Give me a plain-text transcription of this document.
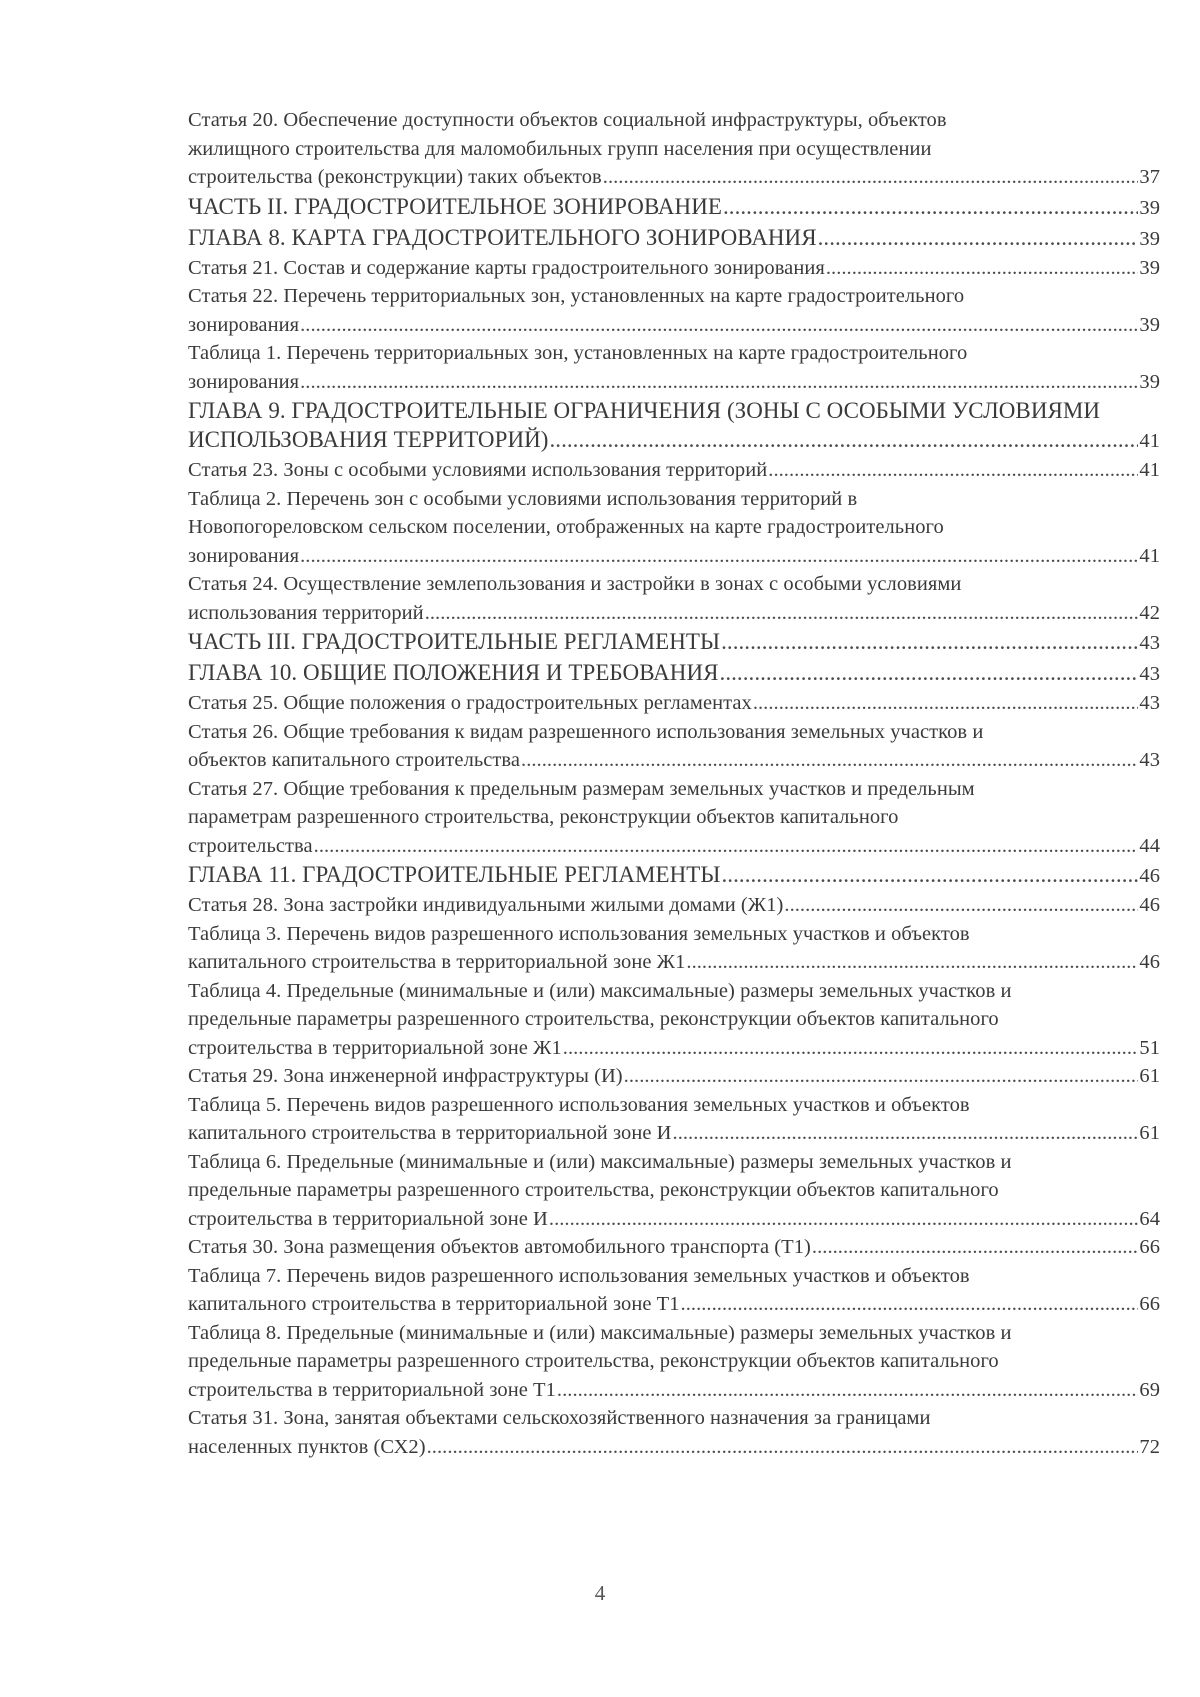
Статья 20. Обеспечение доступности объектов социальной инфраструктуры, объектов
жилищного строительства для маломобильных групп населения при осуществлении
строительства (реконструкции) таких объектов .....	37
ЧАСТЬ II. ГРАДОСТРОИТЕЛЬНОЕ ЗОНИРОВАНИЕ .....	39
ГЛАВА 8. КАРТА ГРАДОСТРОИТЕЛЬНОГО ЗОНИРОВАНИЯ .....	39
Статья 21. Состав и содержание карты градостроительного зонирования .....	39
Статья 22. Перечень территориальных зон, установленных на карте градостроительного
зонирования .....	39
Таблица 1. Перечень территориальных зон, установленных на карте градостроительного
зонирования .....	39
ГЛАВА 9. ГРАДОСТРОИТЕЛЬНЫЕ ОГРАНИЧЕНИЯ (ЗОНЫ С ОСОБЫМИ УСЛОВИЯМИ
ИСПОЛЬЗОВАНИЯ ТЕРРИТОРИЙ) .....	41
Статья 23. Зоны с особыми условиями использования территорий .....	41
Таблица 2. Перечень зон с особыми условиями использования территорий в
Новопогореловском сельском поселении, отображенных на карте градостроительного
зонирования .....	41
Статья 24. Осуществление землепользования и застройки в зонах с особыми условиями
использования территорий .....	42
ЧАСТЬ III. ГРАДОСТРОИТЕЛЬНЫЕ РЕГЛАМЕНТЫ .....	43
ГЛАВА 10. ОБЩИЕ ПОЛОЖЕНИЯ И ТРЕБОВАНИЯ .....	43
Статья 25. Общие положения о градостроительных регламентах .....	43
Статья 26. Общие требования к видам разрешенного использования земельных участков и
объектов капитального строительства .....	43
Статья 27. Общие требования к предельным размерам земельных участков и предельным
параметрам разрешенного строительства, реконструкции объектов капитального
строительства .....	44
ГЛАВА 11. ГРАДОСТРОИТЕЛЬНЫЕ РЕГЛАМЕНТЫ .....	46
Статья 28. Зона застройки индивидуальными жилыми домами (Ж1) .....	46
Таблица 3. Перечень видов разрешенного использования земельных участков и объектов
капитального строительства в территориальной зоне Ж1 .....	46
Таблица 4. Предельные (минимальные и (или) максимальные) размеры земельных участков и
предельные параметры разрешенного строительства, реконструкции объектов капитального
строительства в территориальной зоне Ж1 .....	51
Статья 29. Зона инженерной инфраструктуры (И) .....	61
Таблица 5. Перечень видов разрешенного использования земельных участков и объектов
капитального строительства в территориальной зоне И .....	61
Таблица 6. Предельные (минимальные и (или) максимальные) размеры земельных участков и
предельные параметры разрешенного строительства, реконструкции объектов капитального
строительства в территориальной зоне И .....	64
Статья 30. Зона размещения объектов автомобильного транспорта (Т1) .....	66
Таблица 7. Перечень видов разрешенного использования земельных участков и объектов
капитального строительства в территориальной зоне Т1 .....	66
Таблица 8. Предельные (минимальные и (или) максимальные) размеры земельных участков и
предельные параметры разрешенного строительства, реконструкции объектов капитального
строительства в территориальной зоне Т1 .....	69
Статья 31. Зона, занятая объектами сельскохозяйственного назначения за границами
населенных пунктов (СХ2) .....	72
4
